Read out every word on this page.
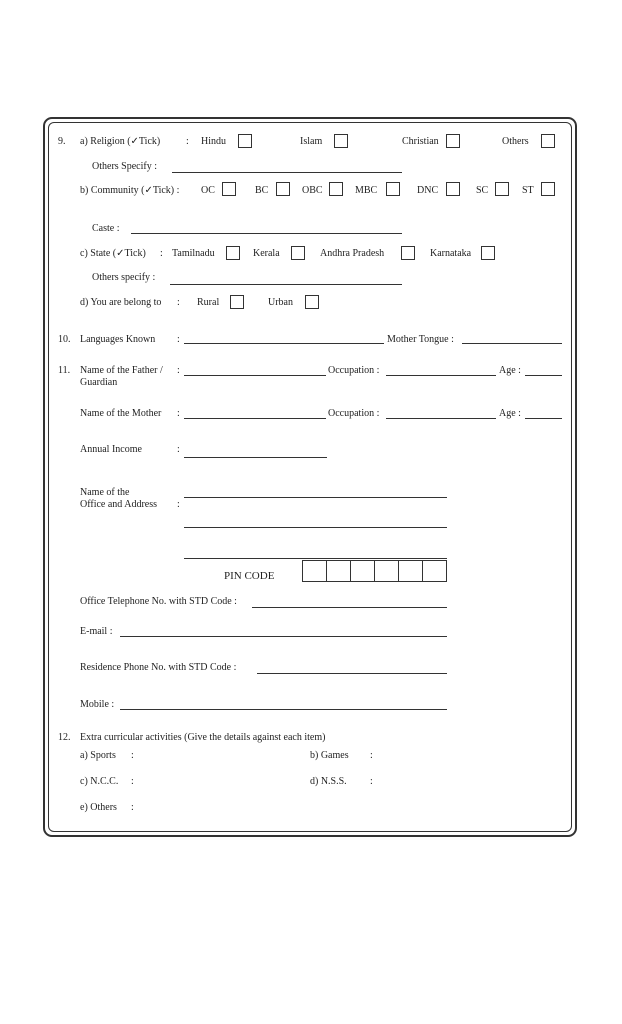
9. a) Religion (✓Tick)	: Hindu	Islam	Christian	Others
Others Specify :
b) Community (✓Tick) : OC	BC	OBC	MBC	DNC	SC	ST
Caste :
c) State (✓Tick) : Tamilnadu	Kerala	Andhra Pradesh	Karnataka
Others specify :
d) You are belong to : Rural	Urban
10. Languages Known :	Mother Tongue :
11. Name of the Father /
Guardian
:	Occupation :	Age :
Name of the Mother :	Occupation :	Age :
Annual Income	:
Name of the
Office and Address :
PIN CODE
Office Telephone No. with STD Code :
E-mail :
Residence Phone No. with STD Code :
Mobile :
12. Extra curricular activities (Give the details against each item)
a) Sports :	b) Games :
c) N.C.C. :	d) N.S.S. :
e) Others :
